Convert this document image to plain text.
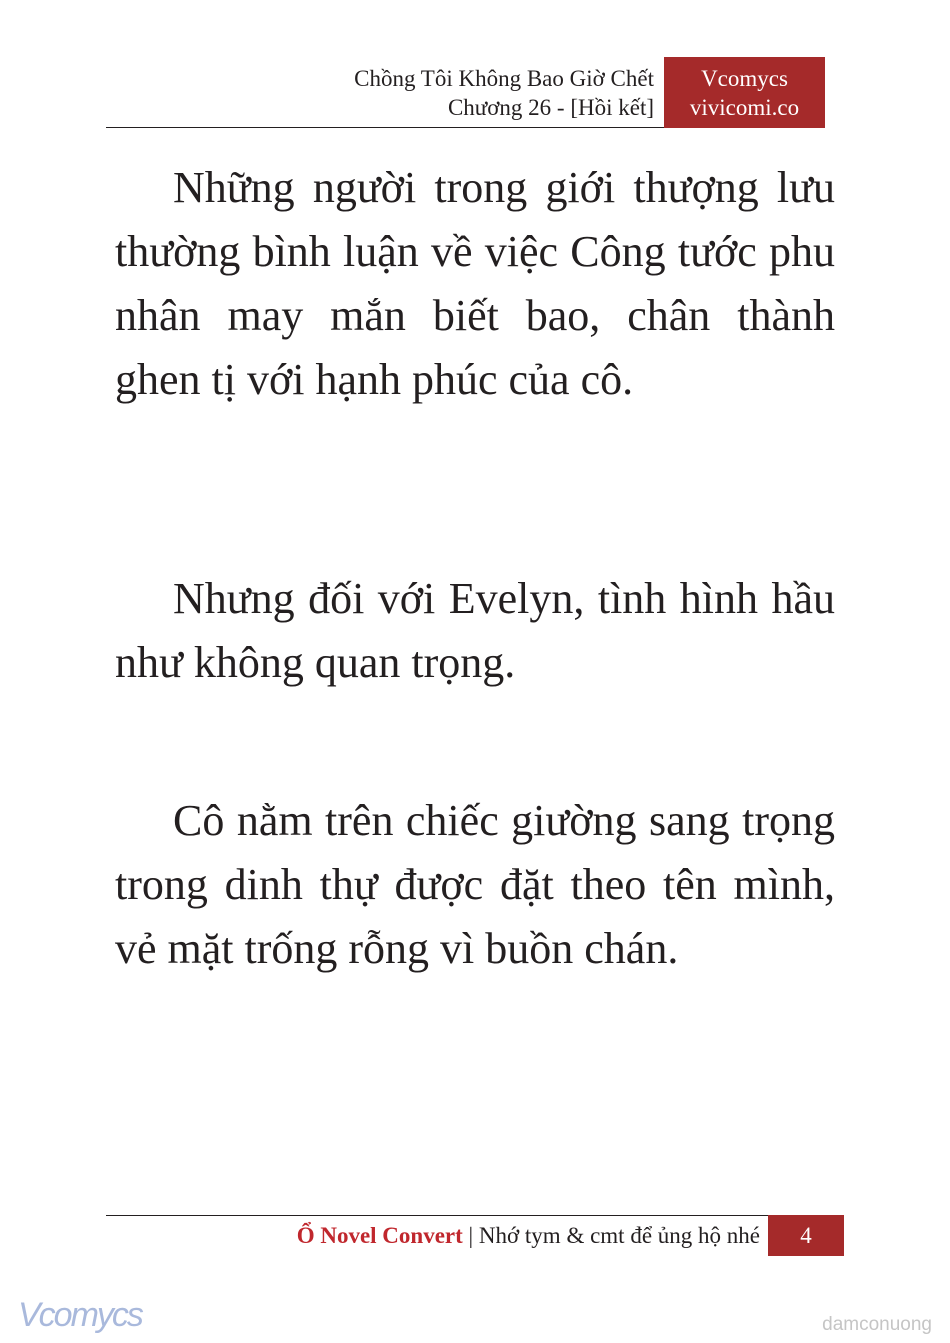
Chồng Tôi Không Bao Giờ Chết
Chương 26 - [Hồi kết]
Vcomycs
vivicomi.co

Những người trong giới thượng lưu thường bình luận về việc Công tước phu nhân may mắn biết bao, chân thành ghen tị với hạnh phúc của cô.

Nhưng đối với Evelyn, tình hình hầu như không quan trọng.

Cô nằm trên chiếc giường sang trọng trong dinh thự được đặt theo tên mình, vẻ mặt trống rỗng vì buồn chán.

Ổ Novel Convert | Nhớ tym & cmt để ủng hộ nhé	4
Vcomycs	damconuong
